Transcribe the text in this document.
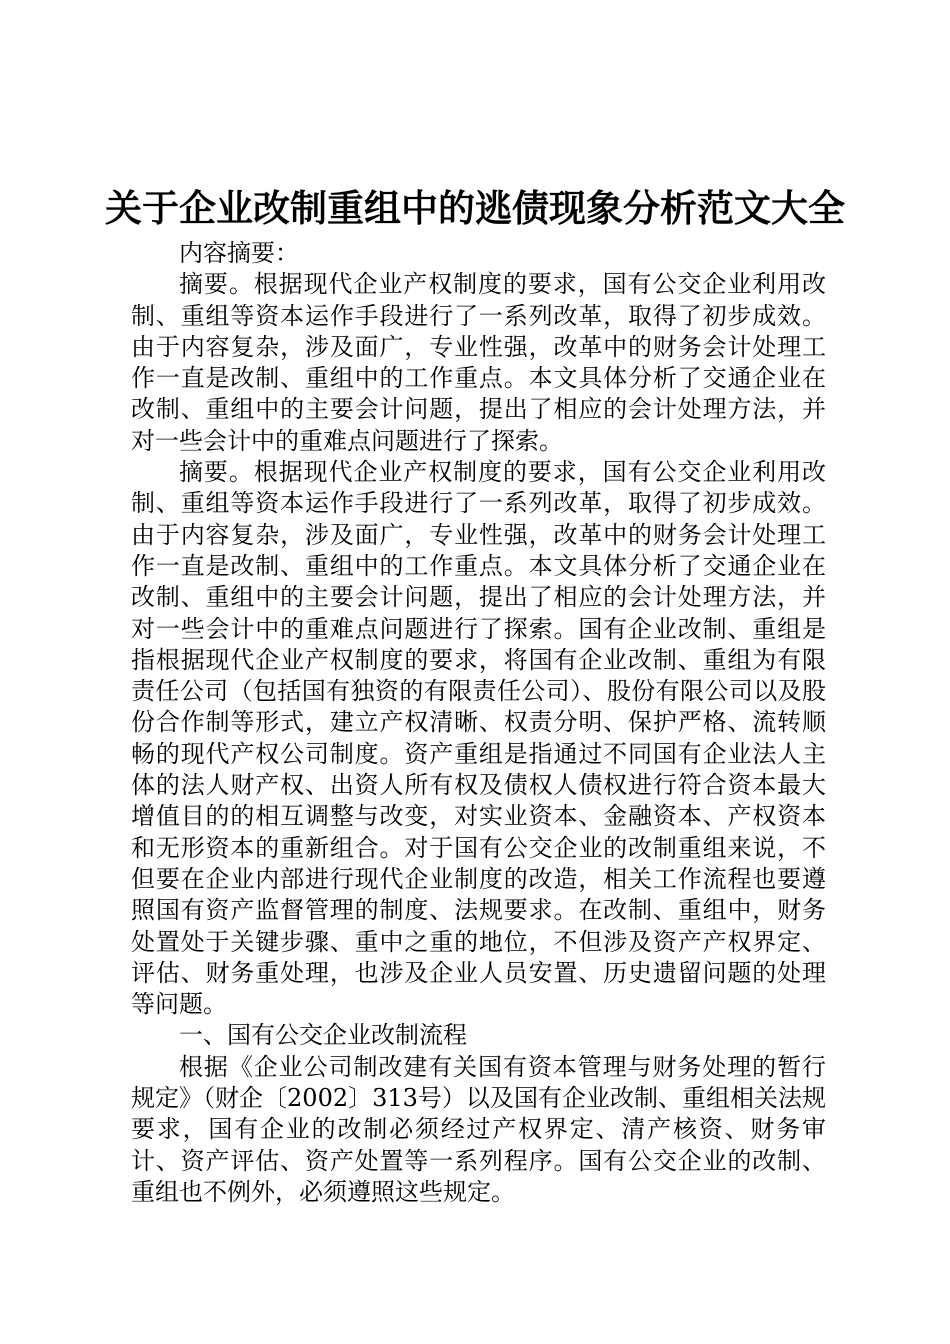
关于企业改制重组中的逃债现象分析范文大全

内容摘要：

摘要。根据现代企业产权制度的要求，国有公交企业利用改制、重组等资本运作手段进行了一系列改革，取得了初步成效。由于内容复杂，涉及面广，专业性强，改革中的财务会计处理工作一直是改制、重组中的工作重点。本文具体分析了交通企业在改制、重组中的主要会计问题，提出了相应的会计处理方法，并对一些会计中的重难点问题进行了探索。

摘要。根据现代企业产权制度的要求，国有公交企业利用改制、重组等资本运作手段进行了一系列改革，取得了初步成效。由于内容复杂，涉及面广，专业性强，改革中的财务会计处理工作一直是改制、重组中的工作重点。本文具体分析了交通企业在改制、重组中的主要会计问题，提出了相应的会计处理方法，并对一些会计中的重难点问题进行了探索。国有企业改制、重组是指根据现代企业产权制度的要求，将国有企业改制、重组为有限责任公司（包括国有独资的有限责任公司）、股份有限公司以及股份合作制等形式，建立产权清晰、权责分明、保护严格、流转顺畅的现代产权公司制度。资产重组是指通过不同国有企业法人主体的法人财产权、出资人所有权及债权人债权进行符合资本最大增值目的的相互调整与改变，对实业资本、金融资本、产权资本和无形资本的重新组合。对于国有公交企业的改制重组来说，不但要在企业内部进行现代企业制度的改造，相关工作流程也要遵照国有资产监督管理的制度、法规要求。在改制、重组中，财务处置处于关键步骤、重中之重的地位，不但涉及资产产权界定、评估、财务重处理，也涉及企业人员安置、历史遗留问题的处理等问题。

一、国有公交企业改制流程

根据《企业公司制改建有关国有资本管理与财务处理的暂行规定》（财企〔2002〕313号）以及国有企业改制、重组相关法规要求，国有企业的改制必须经过产权界定、清产核资、财务审计、资产评估、资产处置等一系列程序。国有公交企业的改制、重组也不例外，必须遵照这些规定。
